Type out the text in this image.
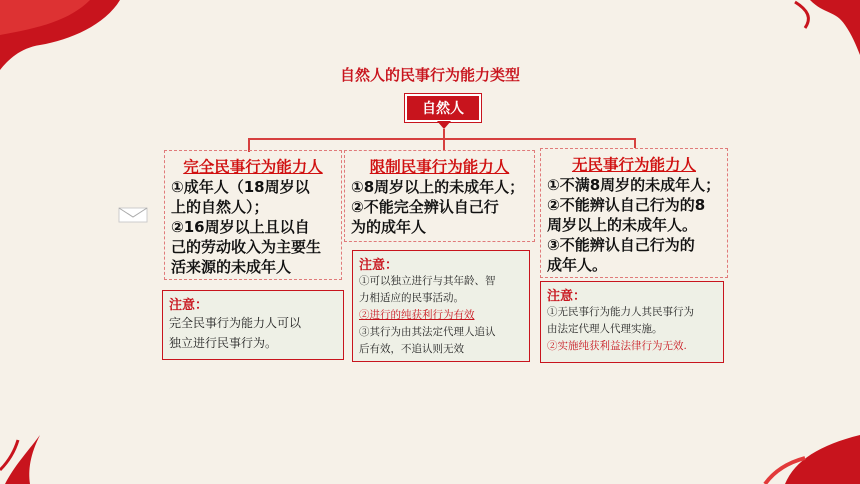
自然人的民事行为能力类型
自然人
完全民事行为能力人
①成年人（18周岁以
上的自然人）；
②16周岁以上且以自
己的劳动收入为主要生
活来源的未成年人
注意：
完全民事行为能力人可以
独立进行民事行为。
限制民事行为能力人
①8周岁以上的未成年人；
②不能完全辨认自己行
为的成年人
注意：
①可以独立进行与其年龄、智
力相适应的民事活动。
②进行的纯获利行为有效
③其行为由其法定代理人追认
后有效，不追认则无效
无民事行为能力人
①不满8周岁的未成年人；
②不能辨认自己行为的8
周岁以上的未成年人。
③不能辨认自己行为的
成年人。
注意：
①无民事行为能力人其民事行为
由法定代理人代理实施。
②实施纯获利益法律行为无效.
